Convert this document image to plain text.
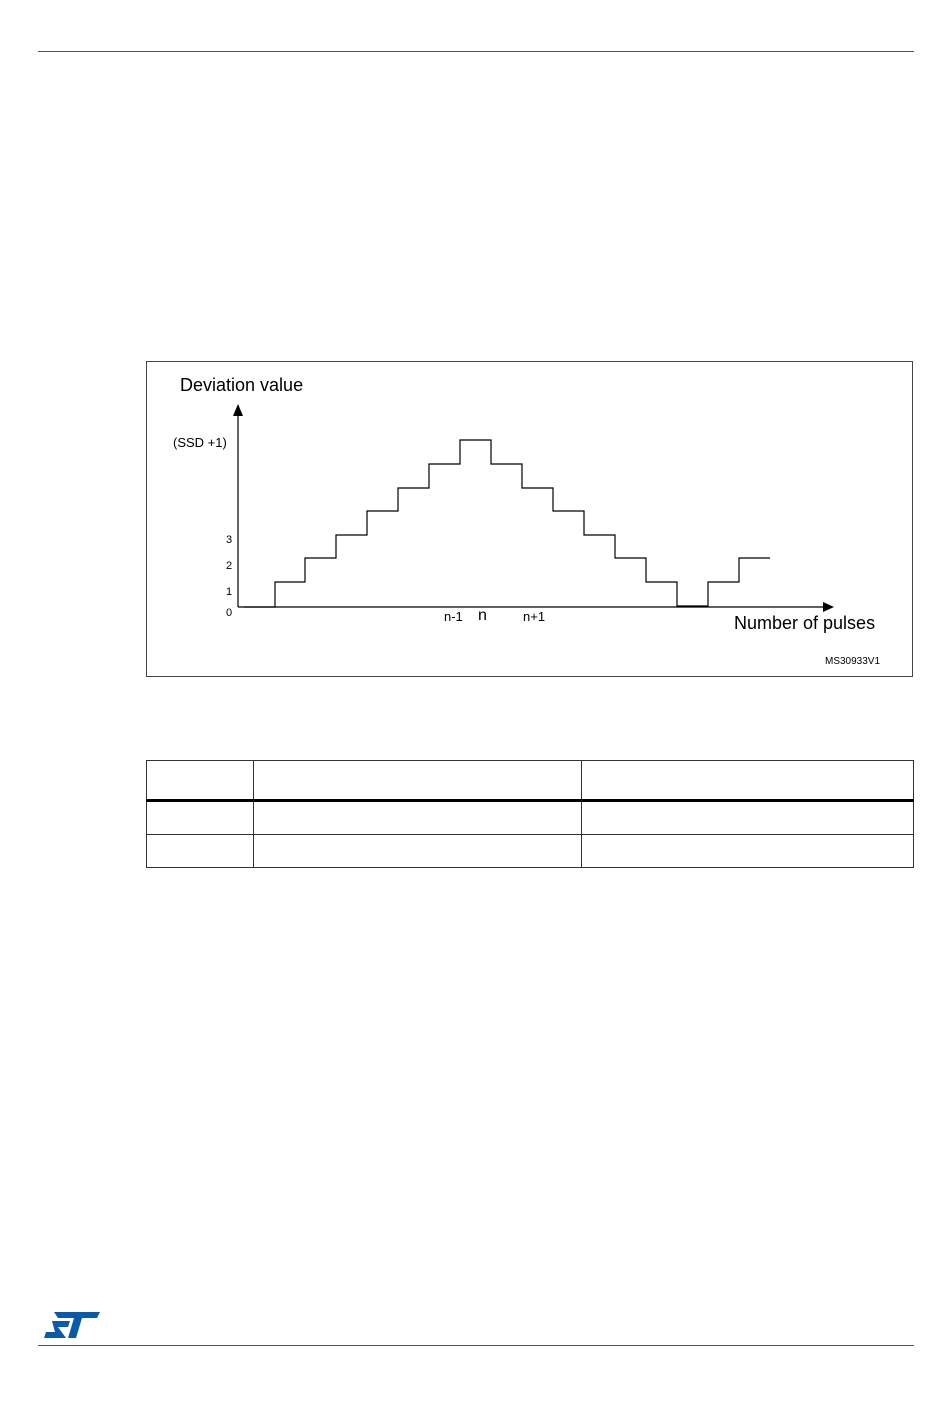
Deviation value
(SSD +1)
3
2
1
0	n-1 n	n+1	Number of pulses
MS30933V1
